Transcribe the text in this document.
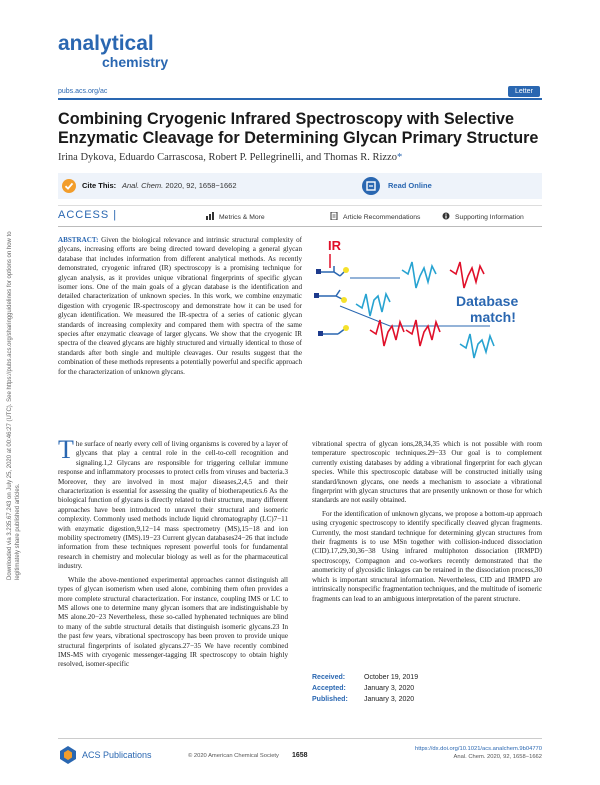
analytical
chemistry
pubs.acs.org/ac	Letter
Downloaded via 3.235.67.243 on July 25, 2020 at 00:46:27 (UTC). See https://pubs.acs.org/sharingguidelines for options on how to legitimately share published articles.
Combining Cryogenic Infrared Spectroscopy with Selective Enzymatic Cleavage for Determining Glycan Primary Structure
Irina Dykova, Eduardo Carrascosa, Robert P. Pellegrinelli, and Thomas R. Rizzo*
Cite This: Anal. Chem. 2020, 92, 1658−1662	Read Online
ACCESS |	Metrics & More	Article Recommendations	Supporting Information
IR
Database
match!
ABSTRACT: Given the biological relevance and intrinsic structural complexity of glycans, increasing efforts are being directed toward developing a general glycan database that includes information from different analytical methods. As recently demonstrated, cryogenic infrared (IR) spectroscopy is a promising technique for glycan analysis, as it provides unique vibrational fingerprints of specific glycan isomer ions. One of the main goals of a glycan database is the identification and detailed characterization of unknown species. In this work, we combine enzymatic digestion with cryogenic IR-spectroscopy and demonstrate how it can be used for glycan identification. We measured the IR-spectra of a series of cationic glycan standards of increasing complexity and compared them with spectra of the same species after enzymatic cleavage of larger glycans. We show that the cryogenic IR spectra of the cleaved glycans are highly structured and virtually identical to those of standards after both single and multiple cleavages. Our results suggest that the combination of these methods represents a potentially powerful and specific approach for the characterization of unknown glycans.

The surface of nearly every cell of living organisms is covered by a layer of glycans that play a central role in the cell-to-cell recognition and signaling.1,2 Glycans are responsible for triggering cellular immune response and inflammatory processes to protect cells from viruses and bacteria.3 Moreover, they are involved in most major diseases,2,4,5 and their characterization is essential for assessing the quality of biotherapeutics.6 As the biological function of glycans is directly related to their structure, many different approaches have been introduced to unravel their structural and isomeric complexity. Commonly used methods include liquid chromatography (LC)7−11 with enzymatic digestion,9,12−14 mass spectrometry (MS),15−18 and ion mobility spectrometry (IMS).19−23 Current glycan databases24−26 that include information from these techniques represent powerful tools for fundamental research in chemistry and molecular biology as well as for the pharmaceutical industry.

While the above-mentioned experimental approaches cannot distinguish all types of glycan isomerism when used alone, combining them often provides a more complete structural characterization. For instance, coupling IMS or LC to MS allows one to determine many glycan isomers that are indistinguishable by MS alone.20−23 Nevertheless, these so-called hyphenated techniques are blind to many of the subtle structural details that distinguish isomeric glycans.23 In the past few years, vibrational spectroscopy has been proven to provide unique structural fingerprints of isolated glycans.27−35 We have recently combined IMS-MS with cryogenic messenger-tagging IR spectroscopy to obtain highly resolved, isomer-specific

vibrational spectra of glycan ions,28,34,35 which is not possible with room temperature spectroscopic techniques.29−33 Our goal is to complement currently existing databases by adding a vibrational fingerprint for each glycan species. While this spectroscopic database will be constructed initially using standard/known glycans, one needs a mechanism to associate a vibrational fingerprint with glycan structures that are presently unknown or those for which standards are not easily obtained.

For the identification of unknown glycans, we propose a bottom-up approach using cryogenic spectroscopy to identify specifically cleaved glycan fragments. Currently, the most standard technique for determining glycan structures from their fragments is to use MSn together with collision-induced dissociation (CID).17,29,30,36−38 Using infrared multiphoton dissociation (IRMPD) spectroscopy, Compagnon and co-workers recently demonstrated that the anomericity of glycosidic linkages can be retained in the dissociation process,30 which is important structural information. Nevertheless, CID and IRMPD are intrinsically nonspecific fragmentation techniques, and the multitude of isomeric fragments can lead to an ambiguous interpretation of the parent structure.

Received:	October 19, 2019
Accepted:	January 3, 2020
Published: January 3, 2020
ACS Publications	© 2020 American Chemical Society 1658
https://dx.doi.org/10.1021/acs.analchem.9b04770
Anal. Chem. 2020, 92, 1658−1662
